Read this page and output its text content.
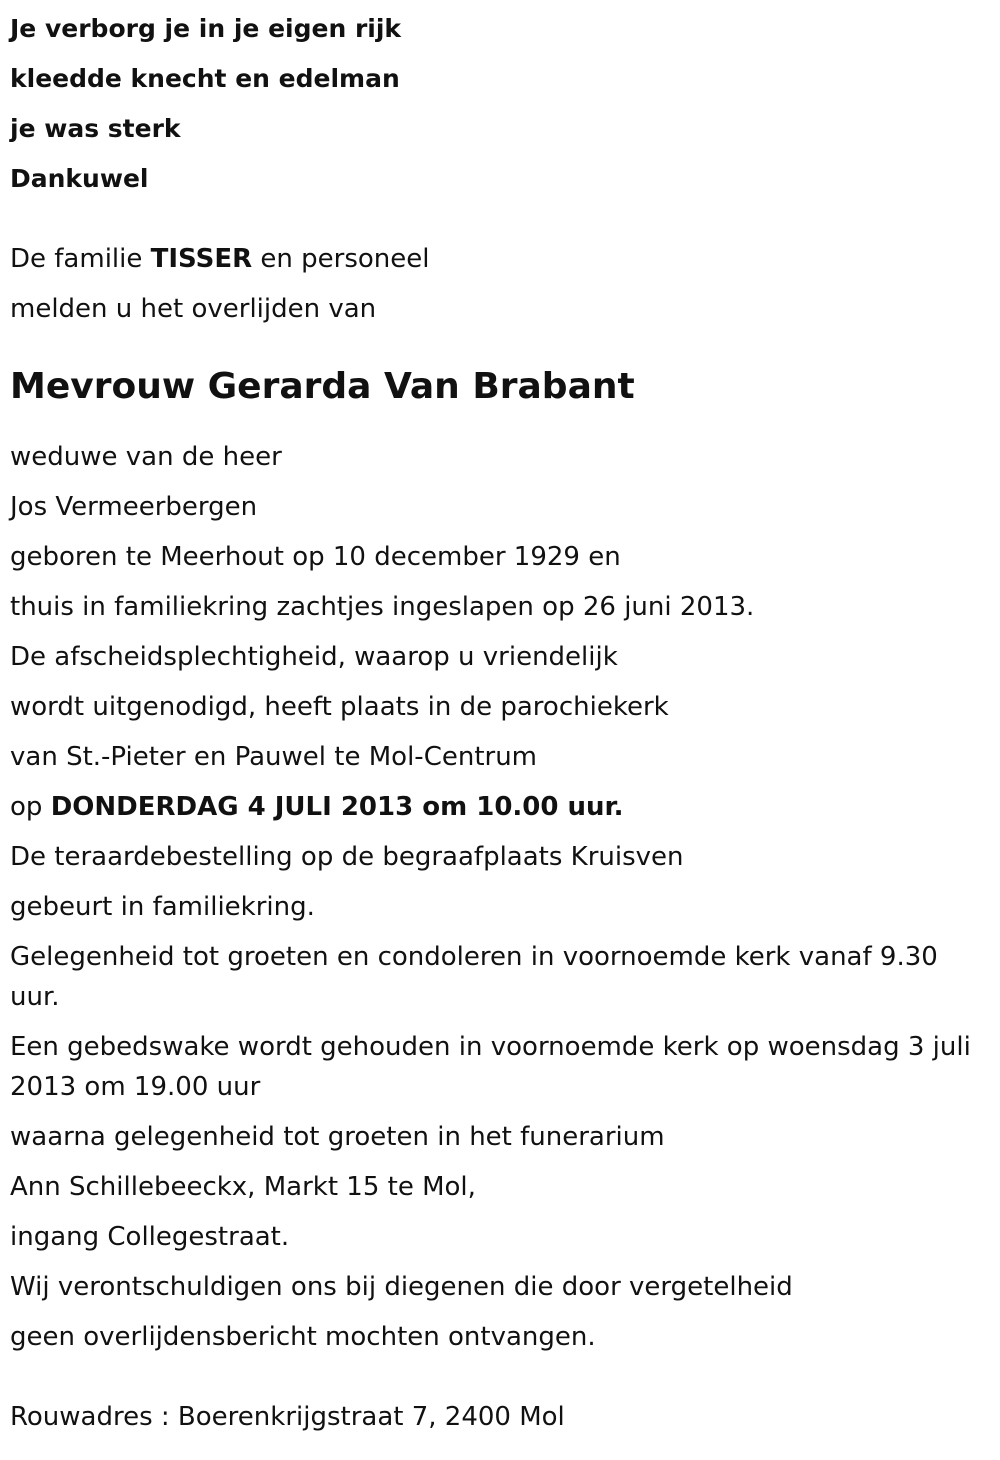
Je verborg je in je eigen rijk

kleedde knecht en edelman

je was sterk

Dankuwel

De familie TISSER en personeel

melden u het overlijden van

Mevrouw Gerarda Van Brabant

weduwe van de heer

Jos Vermeerbergen

geboren te Meerhout op 10 december 1929 en

thuis in familiekring zachtjes ingeslapen op 26 juni 2013.

De afscheidsplechtigheid, waarop u vriendelijk

wordt uitgenodigd, heeft plaats in de parochiekerk

van St.-Pieter en Pauwel te Mol-Centrum

op DONDERDAG 4 JULI 2013 om 10.00 uur.

De teraardebestelling op de begraafplaats Kruisven

gebeurt in familiekring.

Gelegenheid tot groeten en condoleren in voornoemde kerk vanaf 9.30 uur.

Een gebedswake wordt gehouden in voornoemde kerk op woensdag 3 juli 2013 om 19.00 uur

waarna gelegenheid tot groeten in het funerarium

Ann Schillebeeckx, Markt 15 te Mol,

ingang Collegestraat.

Wij verontschuldigen ons bij diegenen die door vergetelheid

geen overlijdensbericht mochten ontvangen.

Rouwadres : Boerenkrijgstraat 7, 2400 Mol
